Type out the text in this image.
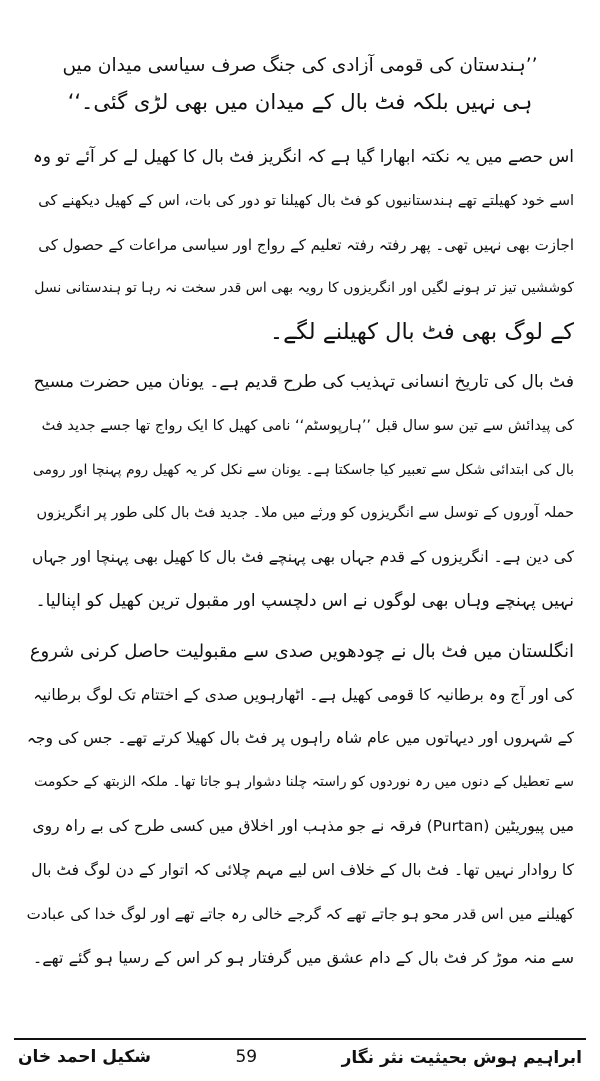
’’ہندستان کی قومی آزادی کی جنگ صرف سیاسی میدان میں
ہی نہیں بلکہ فٹ بال کے میدان میں بھی لڑی گئی۔‘‘

اس حصے میں یہ نکتہ ابھارا گیا ہے کہ انگریز فٹ بال کا کھیل لے کر آئے تو وہ
اسے خود کھیلتے تھے ہندستانیوں کو فٹ بال کھیلنا تو دور کی بات، اس کے کھیل دیکھنے کی
اجازت بھی نہیں تھی۔ پھر رفتہ رفتہ تعلیم کے رواج اور سیاسی مراعات کے حصول کی
کوششیں تیز تر ہونے لگیں اور انگریزوں کا رویہ بھی اس قدر سخت نہ رہا تو ہندستانی نسل
کے لوگ بھی فٹ بال کھیلنے لگے۔

فٹ بال کی تاریخ انسانی تہذیب کی طرح قدیم ہے۔ یونان میں حضرت مسیح
کی پیدائش سے تین سو سال قبل ’’ہارپوسٹم‘‘ نامی کھیل کا ایک رواج تھا جسے جدید فٹ
بال کی ابتدائی شکل سے تعبیر کیا جاسکتا ہے۔ یونان سے نکل کر یہ کھیل روم پہنچا اور رومی
حملہ آوروں کے توسل سے انگریزوں کو ورثے میں ملا۔ جدید فٹ بال کلی طور پر انگریزوں
کی دین ہے۔ انگریزوں کے قدم جہاں بھی پہنچے فٹ بال کا کھیل بھی پہنچا اور جہاں
نہیں پہنچے وہاں بھی لوگوں نے اس دلچسپ اور مقبول ترین کھیل کو اپنالیا۔

انگلستان میں فٹ بال نے چودھویں صدی سے مقبولیت حاصل کرنی شروع
کی اور آج وہ برطانیہ کا قومی کھیل ہے۔ اٹھارہویں صدی کے اختتام تک لوگ برطانیہ
کے شہروں اور دیہاتوں میں عام شاہ راہوں پر فٹ بال کھیلا کرتے تھے۔ جس کی وجہ
سے تعطیل کے دنوں میں رہ نوردوں کو راستہ چلنا دشوار ہو جاتا تھا۔ ملکہ الزبتھ کے حکومت
میں پیوریٹین (Purtan) فرقہ نے جو مذہب اور اخلاق میں کسی طرح کی بے راہ روی
کا روادار نہیں تھا۔ فٹ بال کے خلاف اس لیے مہم چلائی کہ اتوار کے دن لوگ فٹ بال
کھیلنے میں اس قدر محو ہو جاتے تھے کہ گرجے خالی رہ جاتے تھے اور لوگ خدا کی عبادت
سے منہ موڑ کر فٹ بال کے دام عشق میں گرفتار ہو کر اس کے رسیا ہو گئے تھے۔

شکیل احمد خان	59	ابراہیم ہوش بحیثیت نثر نگار
